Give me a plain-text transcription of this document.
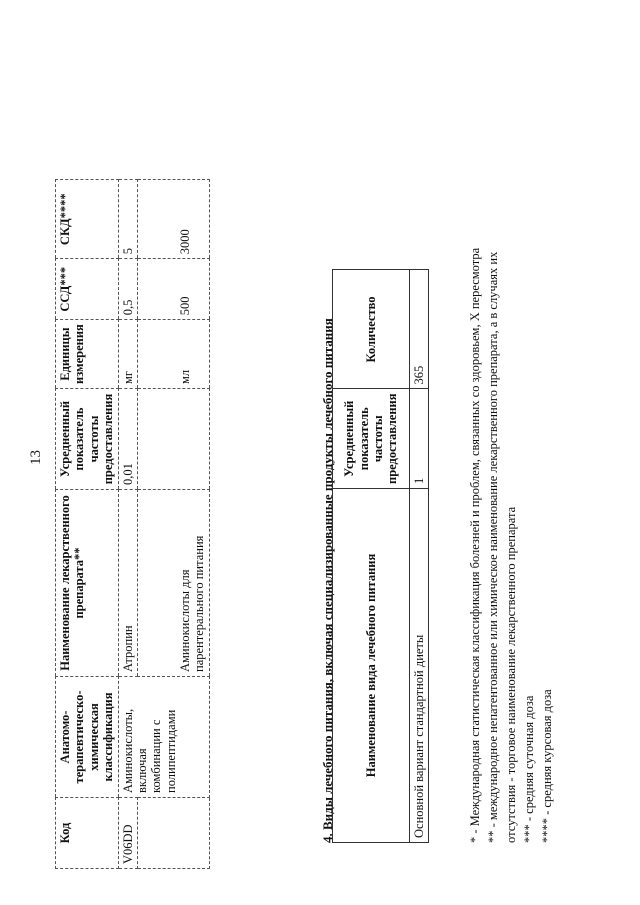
13
Код	Анатомо-терапевтическо-химическая классификация	Наименование лекарственного препарата**	Усредненный показатель частоты предоставления	Единицы измерения	ССД***	СКД****
V06DD	Аминокислоты, включая комбинации с полипептидами	Атропин	0,01	мг	0,5	5
		Аминокислоты для парентерального питания		мл	500	3000
4. Виды лечебного питания, включая специализированные продукты лечебного питания Наименование вида лечебного питания	Усредненный показатель частоты предоставления	Количество
Основной вариант стандартной диеты	1	365	* - Международная статистическая классификация болезней и проблем, связанных со здоровьем, X пересмотра ** - международное непатентованное или химическое наименование лекарственного препарата, а в случаях их отсутствия - торговое наименование лекарственного препарата *** - средняя суточная доза **** - средняя курсовая доза
